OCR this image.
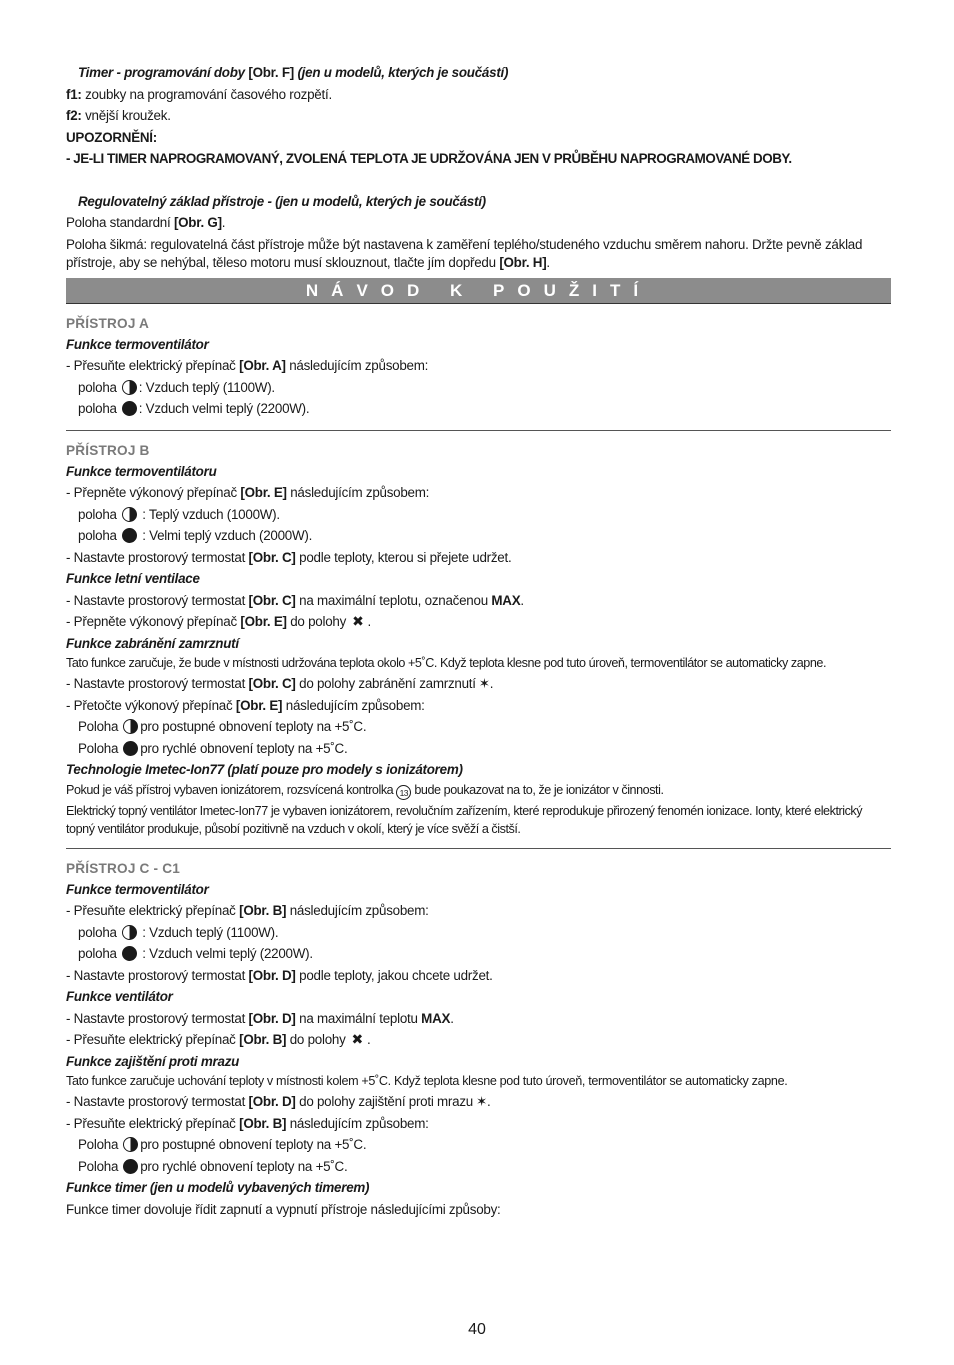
Timer - programování doby [Obr. F] (jen u modelů, kterých je součástí)
f1: zoubky na programování časového rozpětí.
f2: vnější kroužek.
UPOZORNĚNÍ:
- JE-LI TIMER NAPROGRAMOVANÝ, ZVOLENÁ TEPLOTA JE UDRŽOVÁNA JEN V PRŮBĚHU NAPROGRAMOVANÉ DOBY.
Regulovatelný základ přístroje - (jen u modelů, kterých je součástí)
Poloha standardní [Obr. G].
Poloha šikmá: regulovatelná část přístroje může být nastavena k zaměření teplého/studeného vzduchu směrem nahoru. Držte pevně základ přístroje, aby se nehýbal, těleso motoru musí sklouznout, tlačte jím dopředu [Obr. H].
NÁVOD K POUŽITÍ
PŘÍSTROJ A
Funkce termoventilátor
- Přesuňte elektrický přepínač [Obr. A] následujícím způsobem:
poloha : Vzduch teplý (1100W).
poloha : Vzduch velmi teplý (2200W).
PŘÍSTROJ B
Funkce termoventilátoru
- Přepněte výkonový přepínač [Obr. E] následujícím způsobem:
poloha : Teplý vzduch (1000W).
poloha : Velmi teplý vzduch (2000W).
- Nastavte prostorový termostat [Obr. C] podle teploty, kterou si přejete udržet.
Funkce letní ventilace
- Nastavte prostorový termostat [Obr. C] na maximální teplotu, označenou MAX.
- Přepněte výkonový přepínač [Obr. E] do polohy ✖ .
Funkce zabránění zamrznutí
Tato funkce zaručuje, že bude v místnosti udržována teplota okolo +5˚C. Když teplota klesne pod tuto úroveň, termoventilátor se automaticky zapne.
- Nastavte prostorový termostat [Obr. C] do polohy zabránění zamrznutí ✶.
- Přetočte výkonový přepínač [Obr. E] následujícím způsobem:
Poloha pro postupné obnovení teploty na +5˚C.
Poloha pro rychlé obnovení teploty na +5˚C.
Technologie Imetec-Ion77 (platí pouze pro modely s ionizátorem)
Pokud je váš přístroj vybaven ionizátorem, rozsvícená kontrolka 13 bude poukazovat na to, že je ionizátor v činnosti.
Elektrický topný ventilátor Imetec-Ion77 je vybaven ionizátorem, revolučním zařízením, které reprodukuje přirozený fenomén ionizace. Ionty, které elektrický topný ventilátor produkuje, působí pozitivně na vzduch v okolí, který je více svěží a čistší.
PŘÍSTROJ C - C1
Funkce termoventilátor
- Přesuňte elektrický přepínač [Obr. B] následujícím způsobem:
poloha : Vzduch teplý (1100W).
poloha : Vzduch velmi teplý (2200W).
- Nastavte prostorový termostat [Obr. D] podle teploty, jakou chcete udržet.
Funkce ventilátor
- Nastavte prostorový termostat [Obr. D] na maximální teplotu MAX.
- Přesuňte elektrický přepínač [Obr. B] do polohy ✖ .
Funkce zajištění proti mrazu
Tato funkce zaručuje uchování teploty v místnosti kolem +5˚C. Když teplota klesne pod tuto úroveň, termoventilátor se automaticky zapne.
- Nastavte prostorový termostat [Obr. D] do polohy zajištění proti mrazu ✶.
- Přesuňte elektrický přepínač [Obr. B] následujícím způsobem:
Poloha pro postupné obnovení teploty na +5˚C.
Poloha pro rychlé obnovení teploty na +5˚C.
Funkce timer (jen u modelů vybavených timerem)
Funkce timer dovoluje řídit zapnutí a vypnutí přístroje následujícími způsoby:
40
